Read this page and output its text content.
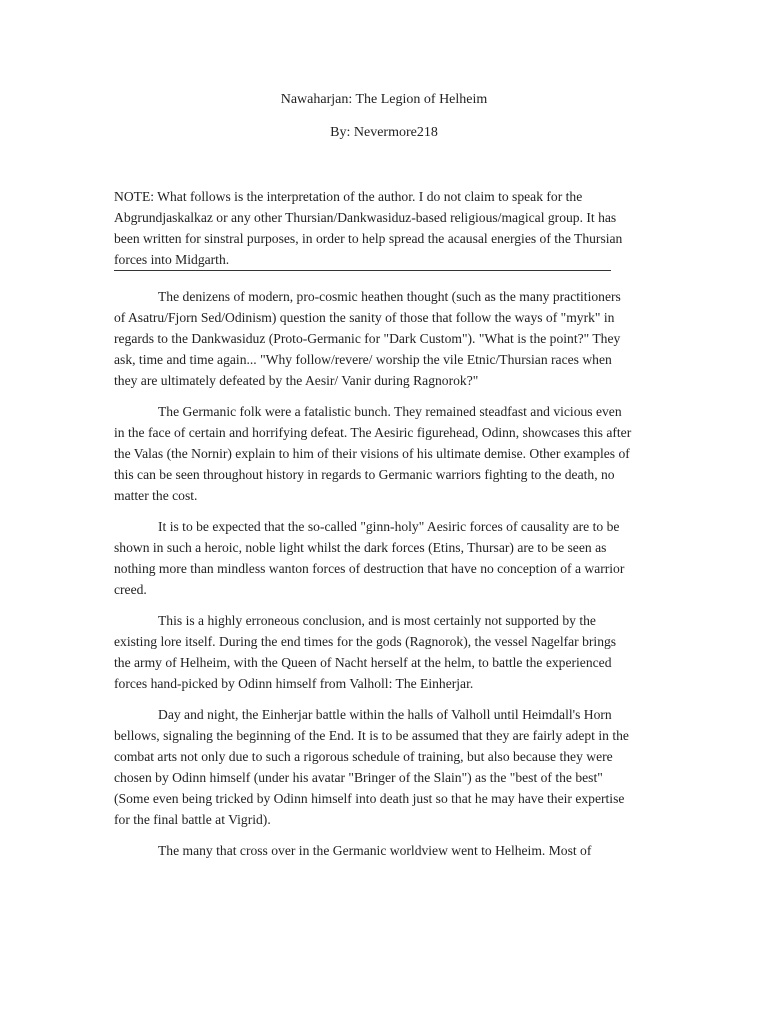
Nawaharjan: The Legion of Helheim
By: Nevermore218

NOTE: What follows is the interpretation of the author. I do not claim to speak for the Abgrundjaskalkaz or any other Thursian/Dankwasiduz-based religious/magical group. It has been written for sinstral purposes, in order to help spread the acausal energies of the Thursian forces into Midgarth.

The denizens of modern, pro-cosmic heathen thought (such as the many practitioners of Asatru/Fjorn Sed/Odinism) question the sanity of those that follow the ways of "myrk" in regards to the Dankwasiduz (Proto-Germanic for "Dark Custom"). "What is the point?" They ask, time and time again... "Why follow/revere/ worship the vile Etnic/Thursian races when they are ultimately defeated by the Aesir/ Vanir during Ragnorok?"

The Germanic folk were a fatalistic bunch. They remained steadfast and vicious even in the face of certain and horrifying defeat. The Aesiric figurehead, Odinn, showcases this after the Valas (the Nornir) explain to him of their visions of his ultimate demise. Other examples of this can be seen throughout history in regards to Germanic warriors fighting to the death, no matter the cost.

It is to be expected that the so-called "ginn-holy" Aesiric forces of causality are to be shown in such a heroic, noble light whilst the dark forces (Etins, Thursar) are to be seen as nothing more than mindless wanton forces of destruction that have no conception of a warrior creed.

This is a highly erroneous conclusion, and is most certainly not supported by the existing lore itself. During the end times for the gods (Ragnorok), the vessel Nagelfar brings the army of Helheim, with the Queen of Nacht herself at the helm, to battle the experienced forces hand-picked by Odinn himself from Valholl: The Einherjar.

Day and night, the Einherjar battle within the halls of Valholl until Heimdall's Horn bellows, signaling the beginning of the End. It is to be assumed that they are fairly adept in the combat arts not only due to such a rigorous schedule of training, but also because they were chosen by Odinn himself (under his avatar "Bringer of the Slain") as the "best of the best" (Some even being tricked by Odinn himself into death just so that he may have their expertise for the final battle at Vigrid).

The many that cross over in the Germanic worldview went to Helheim. Most of
